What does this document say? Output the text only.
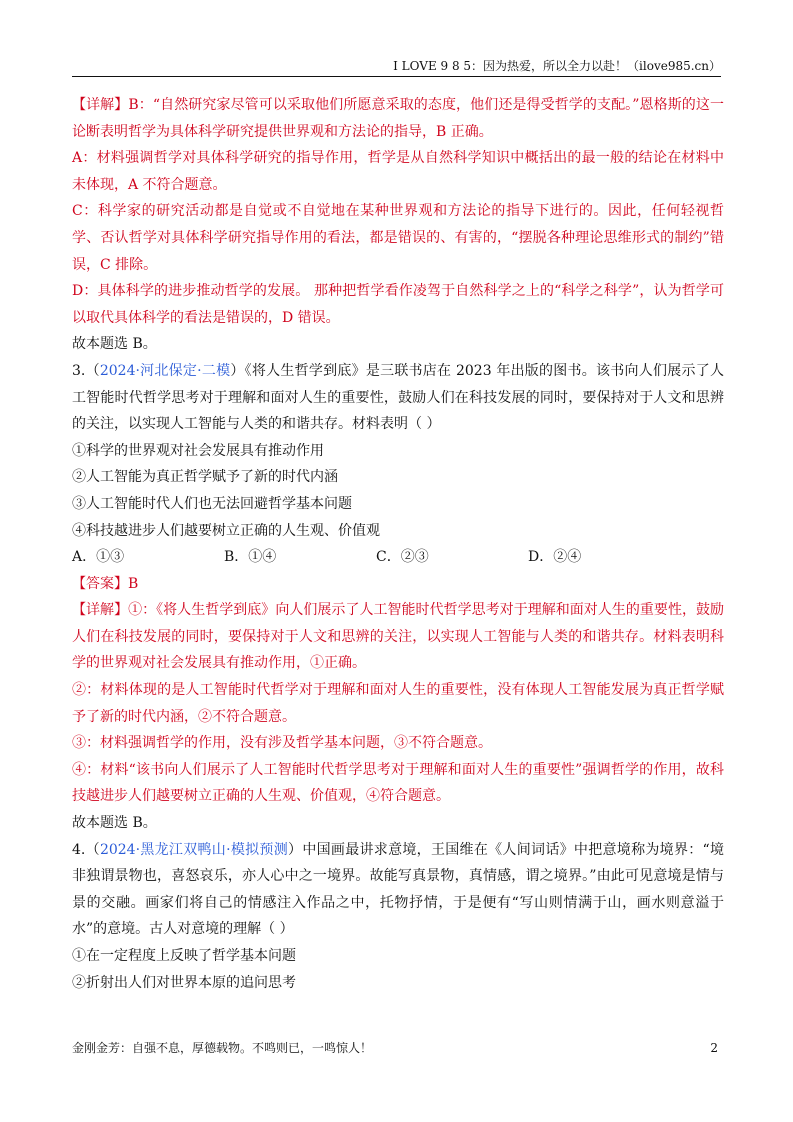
I LOVE 9 8 5：因为热爱，所以全力以赴！（ilove985.cn）

【详解】B：“自然研究家尽管可以采取他们所愿意采取的态度，他们还是得受哲学的支配。”恩格斯的这一论断表明哲学为具体科学研究提供世界观和方法论的指导，B 正确。

A：材料强调哲学对具体科学研究的指导作用，哲学是从自然科学知识中概括出的最一般的结论在材料中未体现，A 不符合题意。

C：科学家的研究活动都是自觉或不自觉地在某种世界观和方法论的指导下进行的。因此，任何轻视哲学、否认哲学对具体科学研究指导作用的看法，都是错误的、有害的，“摆脱各种理论思维形式的制约”错误，C 排除。

D：具体科学的进步推动哲学的发展。 那种把哲学看作凌驾于自然科学之上的“科学之科学”，认为哲学可以取代具体科学的看法是错误的，D 错误。

故本题选 B。

3.（2024·河北保定·二模）《将人生哲学到底》是三联书店在 2023 年出版的图书。该书向人们展示了人工智能时代哲学思考对于理解和面对人生的重要性，鼓励人们在科技发展的同时，要保持对于人文和思辨的关注，以实现人工智能与人类的和谐共存。材料表明（ ）

①科学的世界观对社会发展具有推动作用

②人工智能为真正哲学赋予了新的时代内涵

③人工智能时代人们也无法回避哲学基本问题

④科技越进步人们越要树立正确的人生观、价值观

A．①③	B．①④	C．②③	D．②④

【答案】B

【详解】①：《将人生哲学到底》向人们展示了人工智能时代哲学思考对于理解和面对人生的重要性，鼓励人们在科技发展的同时，要保持对于人文和思辨的关注，以实现人工智能与人类的和谐共存。材料表明科学的世界观对社会发展具有推动作用，①正确。

②：材料体现的是人工智能时代哲学对于理解和面对人生的重要性，没有体现人工智能发展为真正哲学赋予了新的时代内涵，②不符合题意。

③：材料强调哲学的作用，没有涉及哲学基本问题，③不符合题意。

④：材料“该书向人们展示了人工智能时代哲学思考对于理解和面对人生的重要性”强调哲学的作用，故科技越进步人们越要树立正确的人生观、价值观，④符合题意。

故本题选 B。

4.（2024·黑龙江双鸭山·模拟预测）中国画最讲求意境，王国维在《人间词话》中把意境称为境界：“境非独谓景物也，喜怒哀乐，亦人心中之一境界。故能写真景物，真情感，谓之境界。”由此可见意境是情与景的交融。画家们将自己的情感注入作品之中，托物抒情，于是便有“写山则情满于山，画水则意溢于水”的意境。古人对意境的理解（ ）

①在一定程度上反映了哲学基本问题

②折射出人们对世界本原的追问思考

金刚金芳：自强不息，厚德载物。不鸣则已，一鸣惊人！	2
